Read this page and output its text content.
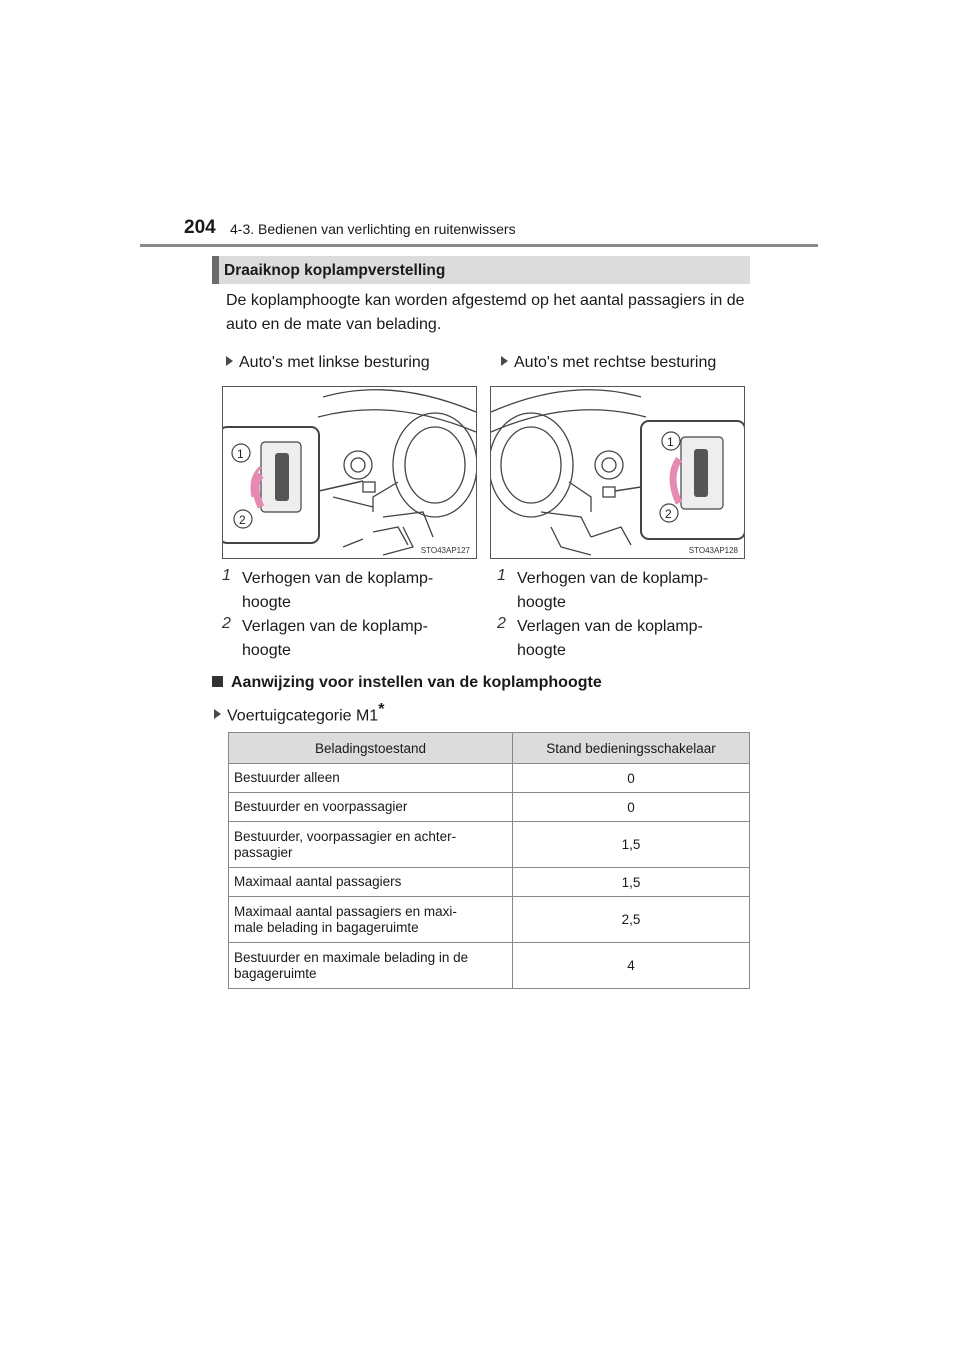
204 4-3. Bedienen van verlichting en ruitenwissers
Draaiknop koplampverstelling
De koplamphoogte kan worden afgestemd op het aantal passagiers in de auto en de mate van belading.
Auto's met linkse besturing	Auto's met rechtse besturing
1
2
STO43AP127
1
2
STO43AP128
1 Verhogen van de koplamp-
hoogte
2 Verlagen van de koplamp-
hoogte
1 Verhogen van de koplamp-
hoogte
2 Verlagen van de koplamp-
hoogte
Aanwijzing voor instellen van de koplamphoogte
Voertuigcategorie M1*
Beladingstoestand	Stand bedieningsschakelaar
Bestuurder alleen	0
Bestuurder en voorpassagier	0
Bestuurder, voorpassagier en achter-
passagier	1,5
Maximaal aantal passagiers	1,5
Maximaal aantal passagiers en maxi-
male belading in bagageruimte	2,5
Bestuurder en maximale belading in de
bagageruimte	4
